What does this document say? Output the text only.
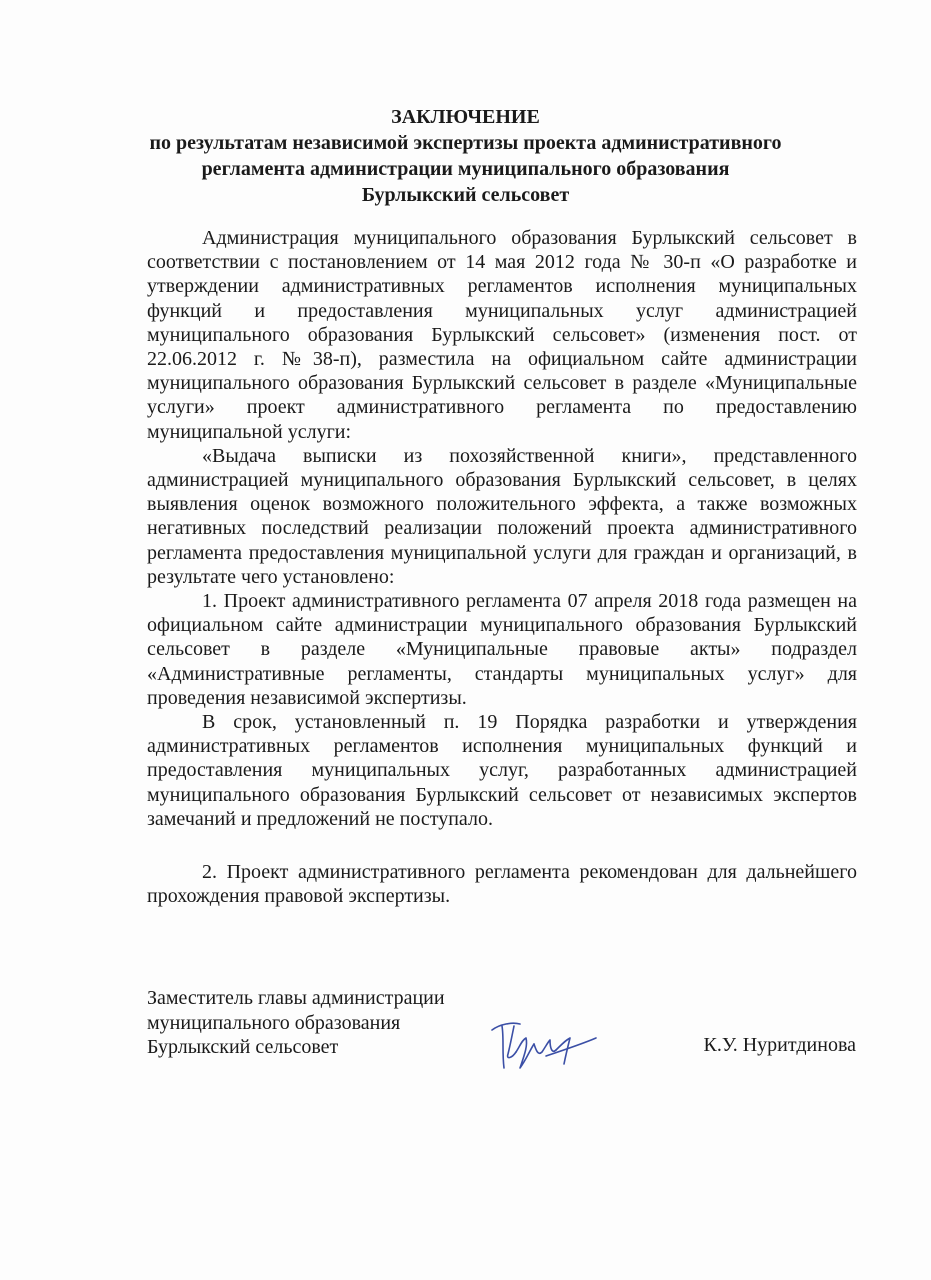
ЗАКЛЮЧЕНИЕ
по результатам независимой экспертизы проекта административного
регламента администрации муниципального образования
Бурлыкский сельсовет

Администрация муниципального образования Бурлыкский сельсовет в соответствии с постановлением от 14 мая 2012 года № 30-п «О разработке и утверждении административных регламентов исполнения муниципальных функций и предоставления муниципальных услуг администрацией муниципального образования Бурлыкский сельсовет» (изменения пост. от 22.06.2012 г. №38-п), разместила на официальном сайте администрации муниципального образования Бурлыкский сельсовет в разделе «Муниципальные услуги» проект административного регламента по предоставлению муниципальной услуги:

«Выдача выписки из похозяйственной книги», представленного администрацией муниципального образования Бурлыкский сельсовет, в целях выявления оценок возможного положительного эффекта, а также возможных негативных последствий реализации положений проекта административного регламента предоставления муниципальной услуги для граждан и организаций, в результате чего установлено:

1. Проект административного регламента 07 апреля 2018 года размещен на официальном сайте администрации муниципального образования Бурлыкский сельсовет в разделе «Муниципальные правовые акты» подраздел «Административные регламенты, стандарты муниципальных услуг» для проведения независимой экспертизы.

В срок, установленный п. 19 Порядка разработки и утверждения административных регламентов исполнения муниципальных функций и предоставления муниципальных услуг, разработанных администрацией муниципального образования Бурлыкский сельсовет от независимых экспертов замечаний и предложений не поступало.

2. Проект административного регламента рекомендован для дальнейшего прохождения правовой экспертизы.

Заместитель главы администрации
муниципального образования
Бурлыкский сельсовет	К.У. Нуритдинова
